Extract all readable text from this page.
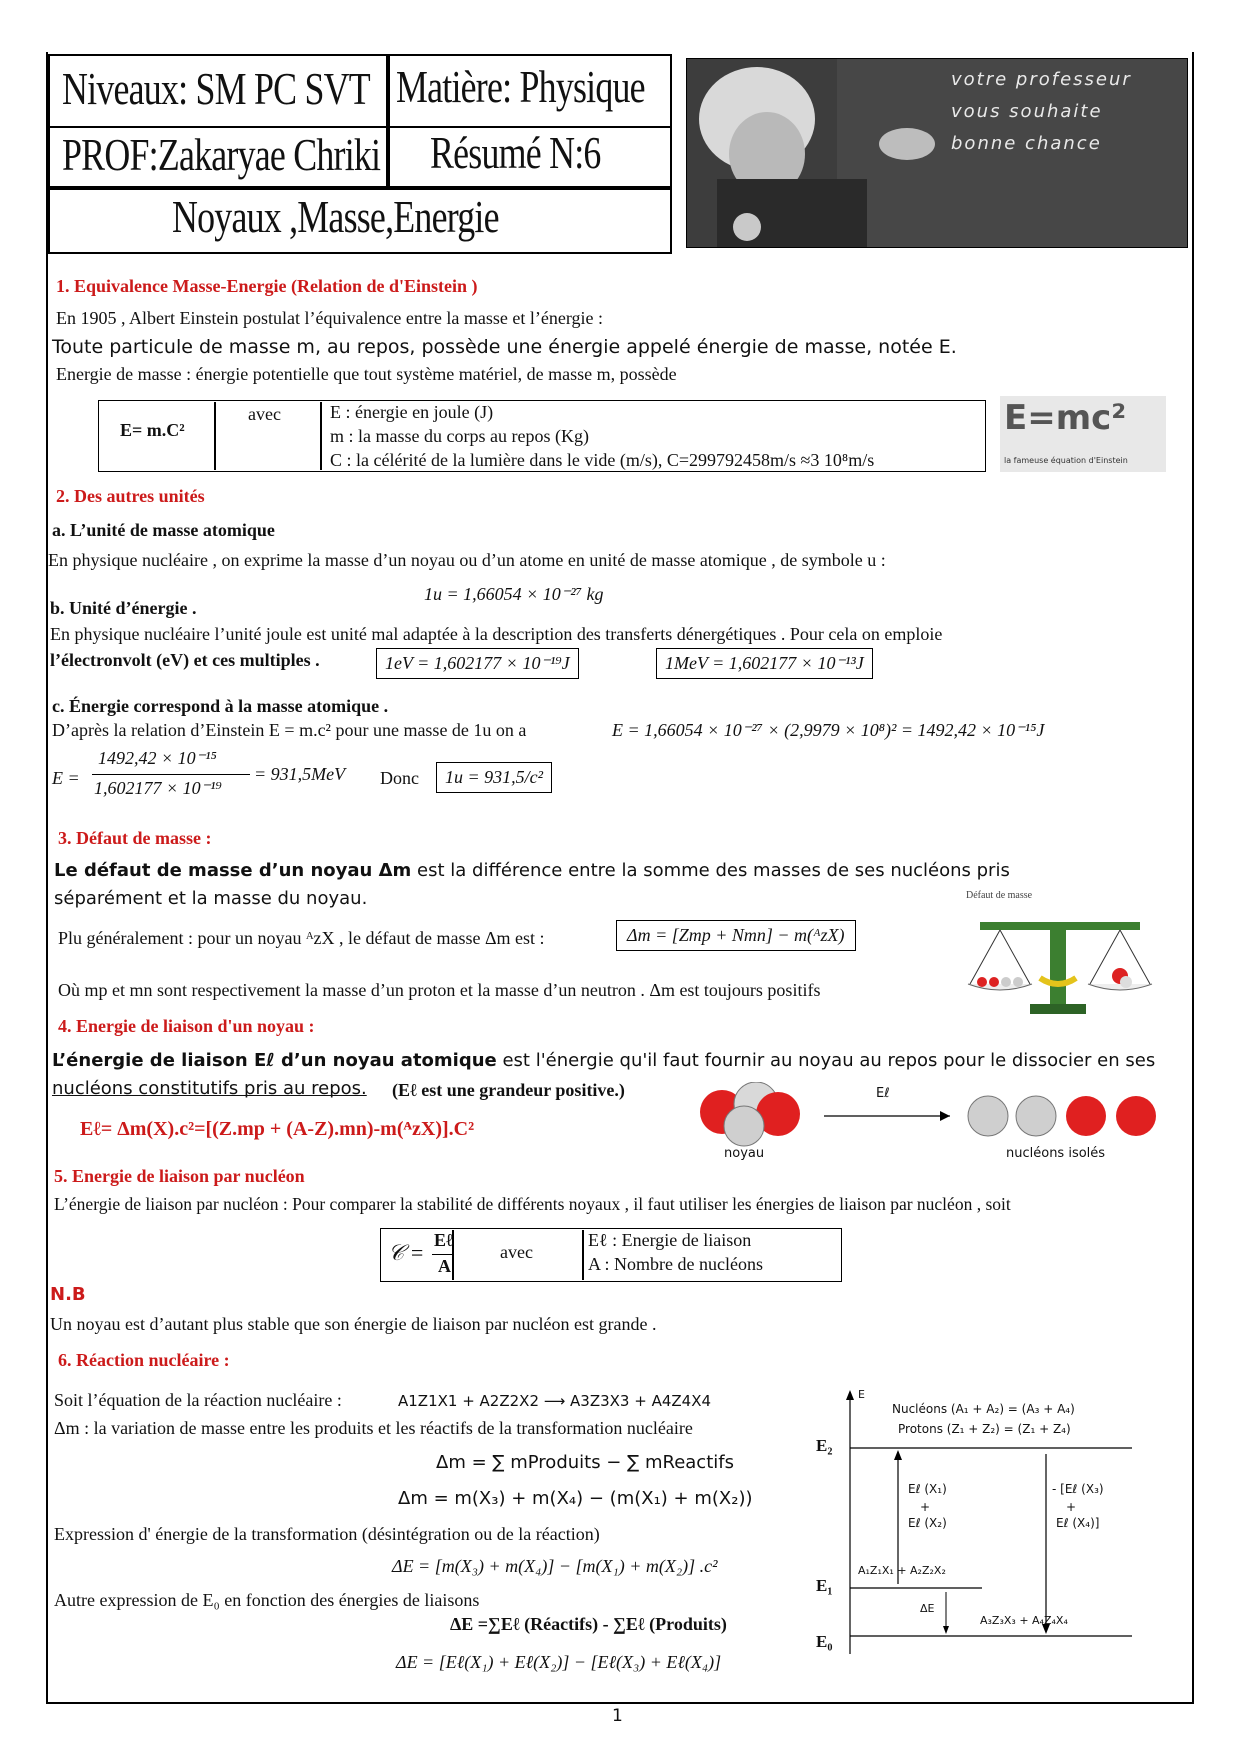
Niveaux: SM PC SVT Matière: Physique
PROF:Zakaryae Chriki Résumé N:6
Noyaux ,Masse,Energie
votre professeur
vous souhaite
bonne chance
1. Equivalence Masse-Energie (Relation de d'Einstein )
En 1905 , Albert Einstein postulat l’équivalence entre la masse et l’énergie :
Toute particule de masse m, au repos, possède une énergie appelé énergie de masse, notée E.
Energie de masse : énergie potentielle que tout système matériel, de masse m, possède
E= m.C²
avec	E : énergie en joule (J)
m : la masse du corps au repos (Kg)
C : la célérité de la lumière dans le vide (m/s), C=299792458m/s ≈3 10⁸m/s
E=mc²
la fameuse équation d'Einstein
2. Des autres unités
a. L’unité de masse atomique
En physique nucléaire , on exprime la masse d’un noyau ou d’un atome en unité de masse atomique , de symbole u :
1u = 1,66054 × 10⁻²⁷ kg
b. Unité d’énergie .
En physique nucléaire l’unité joule est unité mal adaptée à la description des transferts dénergétiques . Pour cela on emploie
l’électronvolt (eV) et ces multiples .	1eV = 1,602177 × 10⁻¹⁹J	1MeV = 1,602177 × 10⁻¹³J
c. Énergie correspond à la masse atomique .
D’après la relation d’Einstein E = m.c² pour une masse de 1u on a	E = 1,66054 × 10⁻²⁷ × (2,9979 × 10⁸)² = 1492,42 × 10⁻¹⁵J
E =
1492,42 × 10⁻¹⁵
1,602177 × 10⁻¹⁹
= 931,5MeV Donc	1u = 931,5/c²
3. Défaut de masse :
Le défaut de masse d’un noyau Δm est la différence entre la somme des masses de ses nucléons pris
séparément et la masse du noyau.
Plu généralement : pour un noyau ᴬzX , le défaut de masse Δm est :	Δm = [Zmp + Nmn] − m(ᴬzX)
Où mp et mn sont respectivement la masse d’un proton et la masse d’un neutron . Δm est toujours positifs
Défaut de masse
4. Energie de liaison d'un noyau :
L’énergie de liaison Eℓ d’un noyau atomique est l'énergie qu'il faut fournir au noyau au repos pour le dissocier en ses
nucléons constitutifs pris au repos. (Eℓ est une grandeur positive.)
Eℓ= Δm(X).c²=[(Z.mp + (A-Z).mn)-m(ᴬzX)].C²
Eℓ
noyau	nucléons isolés
5. Energie de liaison par nucléon
L’énergie de liaison par nucléon : Pour comparer la stabilité de différents noyaux , il faut utiliser les énergies de liaison par nucléon , soit
𝒞 = Eℓ
A
avec
Eℓ : Energie de liaison
A : Nombre de nucléons
N.B
Un noyau est d’autant plus stable que son énergie de liaison par nucléon est grande .
6. Réaction nucléaire :
Soit l’équation de la réaction nucléaire :	A1Z1X1 + A2Z2X2 ⟶ A3Z3X3 + A4Z4X4
Δm : la variation de masse entre les produits et les réactifs de la transformation nucléaire
Δm = ∑ mProduits − ∑ mReactifs
Δm = m(X₃) + m(X₄) − (m(X₁) + m(X₂))
Expression d' énergie de la transformation (désintégration ou de la réaction)
ΔE = [m(X₃) + m(X₄)] − [m(X₁) + m(X₂)] .c²
Autre expression de E₀ en fonction des énergies de liaisons
ΔE =∑Eℓ (Réactifs) - ∑Eℓ (Produits)
ΔE = [Eℓ(X₁) + Eℓ(X₂)] − [Eℓ(X₃) + Eℓ(X₄)]
E
Nucléons (A₁ + A₂) = (A₃ + A₄)
Protons (Z₁ + Z₂) = (Z₁ + Z₄)
E₂
E₁
E₀
Eℓ (X₁)
+
Eℓ (X₂)
- [Eℓ (X₃)
+
Eℓ (X₄)]
A₁Z₁X₁ + A₂Z₂X₂
A₃Z₃X₃ + A₄Z₄X₄
ΔE
1
